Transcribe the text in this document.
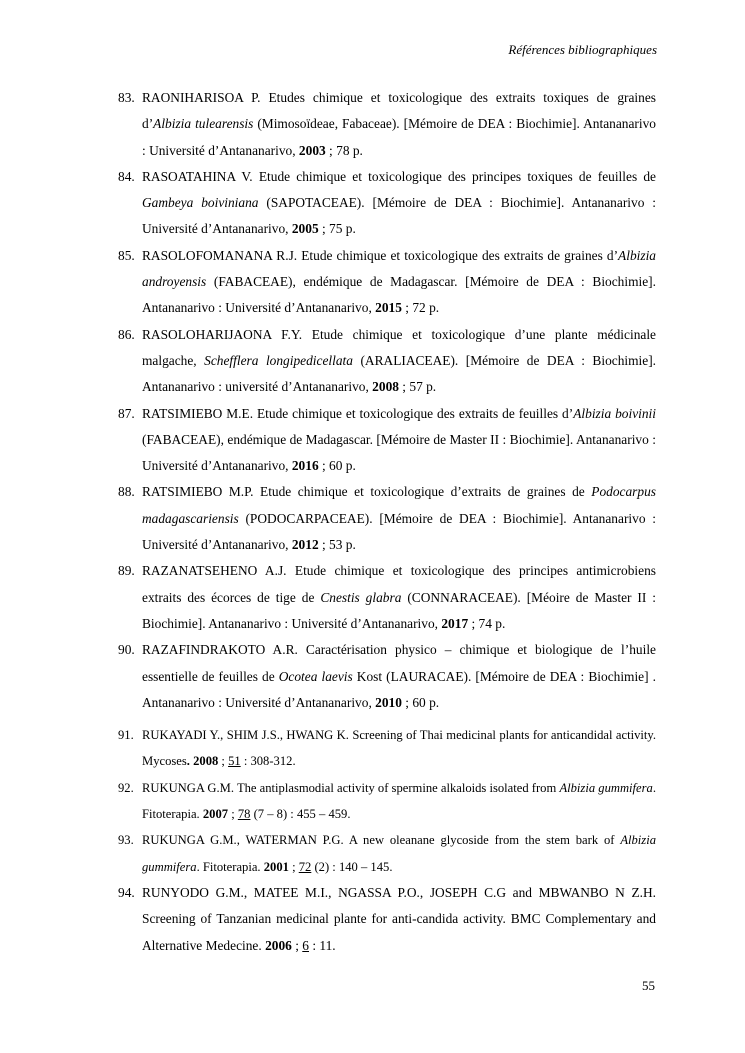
Références bibliographiques
83. RAONIHARISOA P. Etudes chimique et toxicologique des extraits toxiques de graines d’Albizia tulearensis (Mimosoïdeae, Fabaceae). [Mémoire de DEA : Biochimie]. Antananarivo : Université d’Antananarivo, 2003 ; 78 p.
84. RASOATAHINA V. Etude chimique et toxicologique des principes toxiques de feuilles de Gambeya boiviniana (SAPOTACEAE). [Mémoire de DEA : Biochimie]. Antananarivo : Université d’Antananarivo, 2005 ; 75 p.
85. RASOLOFOMANANA R.J. Etude chimique et toxicologique des extraits de graines d’Albizia androyensis (FABACEAE), endémique de Madagascar. [Mémoire de DEA : Biochimie]. Antananarivo : Université d’Antananarivo, 2015 ; 72 p.
86. RASOLOHARIJAONA F.Y. Etude chimique et toxicologique d’une plante médicinale malgache, Schefflera longipedicellata (ARALIACEAE). [Mémoire de DEA : Biochimie]. Antananarivo : université d’Antananarivo, 2008 ; 57 p.
87. RATSIMIEBO M.E. Etude chimique et toxicologique des extraits de feuilles d’Albizia boivinii (FABACEAE), endémique de Madagascar. [Mémoire de Master II : Biochimie]. Antananarivo : Université d’Antananarivo, 2016 ; 60 p.
88. RATSIMIEBO M.P. Etude chimique et toxicologique d’extraits de graines de Podocarpus madagascariensis (PODOCARPACEAE). [Mémoire de DEA : Biochimie]. Antananarivo : Université d’Antananarivo, 2012 ; 53 p.
89. RAZANATSEHENO A.J. Etude chimique et toxicologique des principes antimicrobiens extraits des écorces de tige de Cnestis glabra (CONNARACEAE). [Méoire de Master II : Biochimie]. Antananarivo : Université d’Antananarivo, 2017 ; 74 p.
90. RAZAFINDRAKOTO A.R. Caractérisation physico – chimique et biologique de l’huile essentielle de feuilles de Ocotea laevis Kost (LAURACAE). [Mémoire de DEA : Biochimie] . Antananarivo : Université d’Antananarivo, 2010 ; 60 p.
91. RUKAYADI Y., SHIM J.S., HWANG K. Screening of Thai medicinal plants for anticandidal activity. Mycoses. 2008 ; 51 : 308-312.
92. RUKUNGA G.M. The antiplasmodial activity of spermine alkaloids isolated from Albizia gummifera. Fitoterapia. 2007 ; 78 (7 – 8) : 455 – 459.
93. RUKUNGA G.M., WATERMAN P.G. A new oleanane glycoside from the stem bark of Albizia gummifera. Fitoterapia. 2001 ; 72 (2) : 140 – 145.
94. RUNYODO G.M., MATEE M.I., NGASSA P.O., JOSEPH C.G and MBWANBO N Z.H. Screening of Tanzanian medicinal plante for anti-candida activity. BMC Complementary and Alternative Medecine. 2006 ; 6 : 11.
55
